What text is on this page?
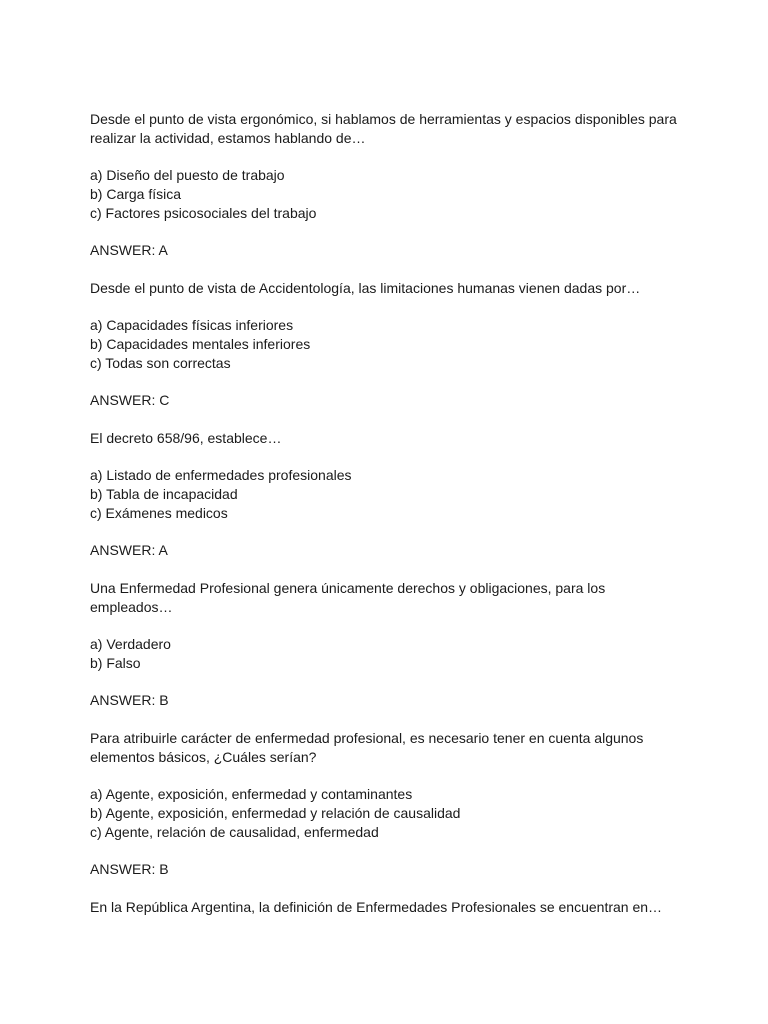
Desde el punto de vista ergonómico, si hablamos de herramientas y espacios disponibles para realizar la actividad, estamos hablando de…

a) Diseño del puesto de trabajo
b) Carga física
c) Factores psicosociales del trabajo

ANSWER: A

Desde el punto de vista de Accidentología, las limitaciones humanas vienen dadas por…

a) Capacidades físicas inferiores
b) Capacidades mentales inferiores
c) Todas son correctas

ANSWER: C

El decreto 658/96, establece…

a) Listado de enfermedades profesionales
b) Tabla de incapacidad
c) Exámenes medicos

ANSWER: A

Una Enfermedad Profesional genera únicamente derechos y obligaciones, para los empleados…

a) Verdadero
b) Falso

ANSWER: B

Para atribuirle carácter de enfermedad profesional, es necesario tener en cuenta algunos elementos básicos, ¿Cuáles serían?

a) Agente, exposición, enfermedad y contaminantes
b) Agente, exposición, enfermedad y relación de causalidad
c) Agente, relación de causalidad, enfermedad

ANSWER: B

En la República Argentina, la definición de Enfermedades Profesionales se encuentran en…
